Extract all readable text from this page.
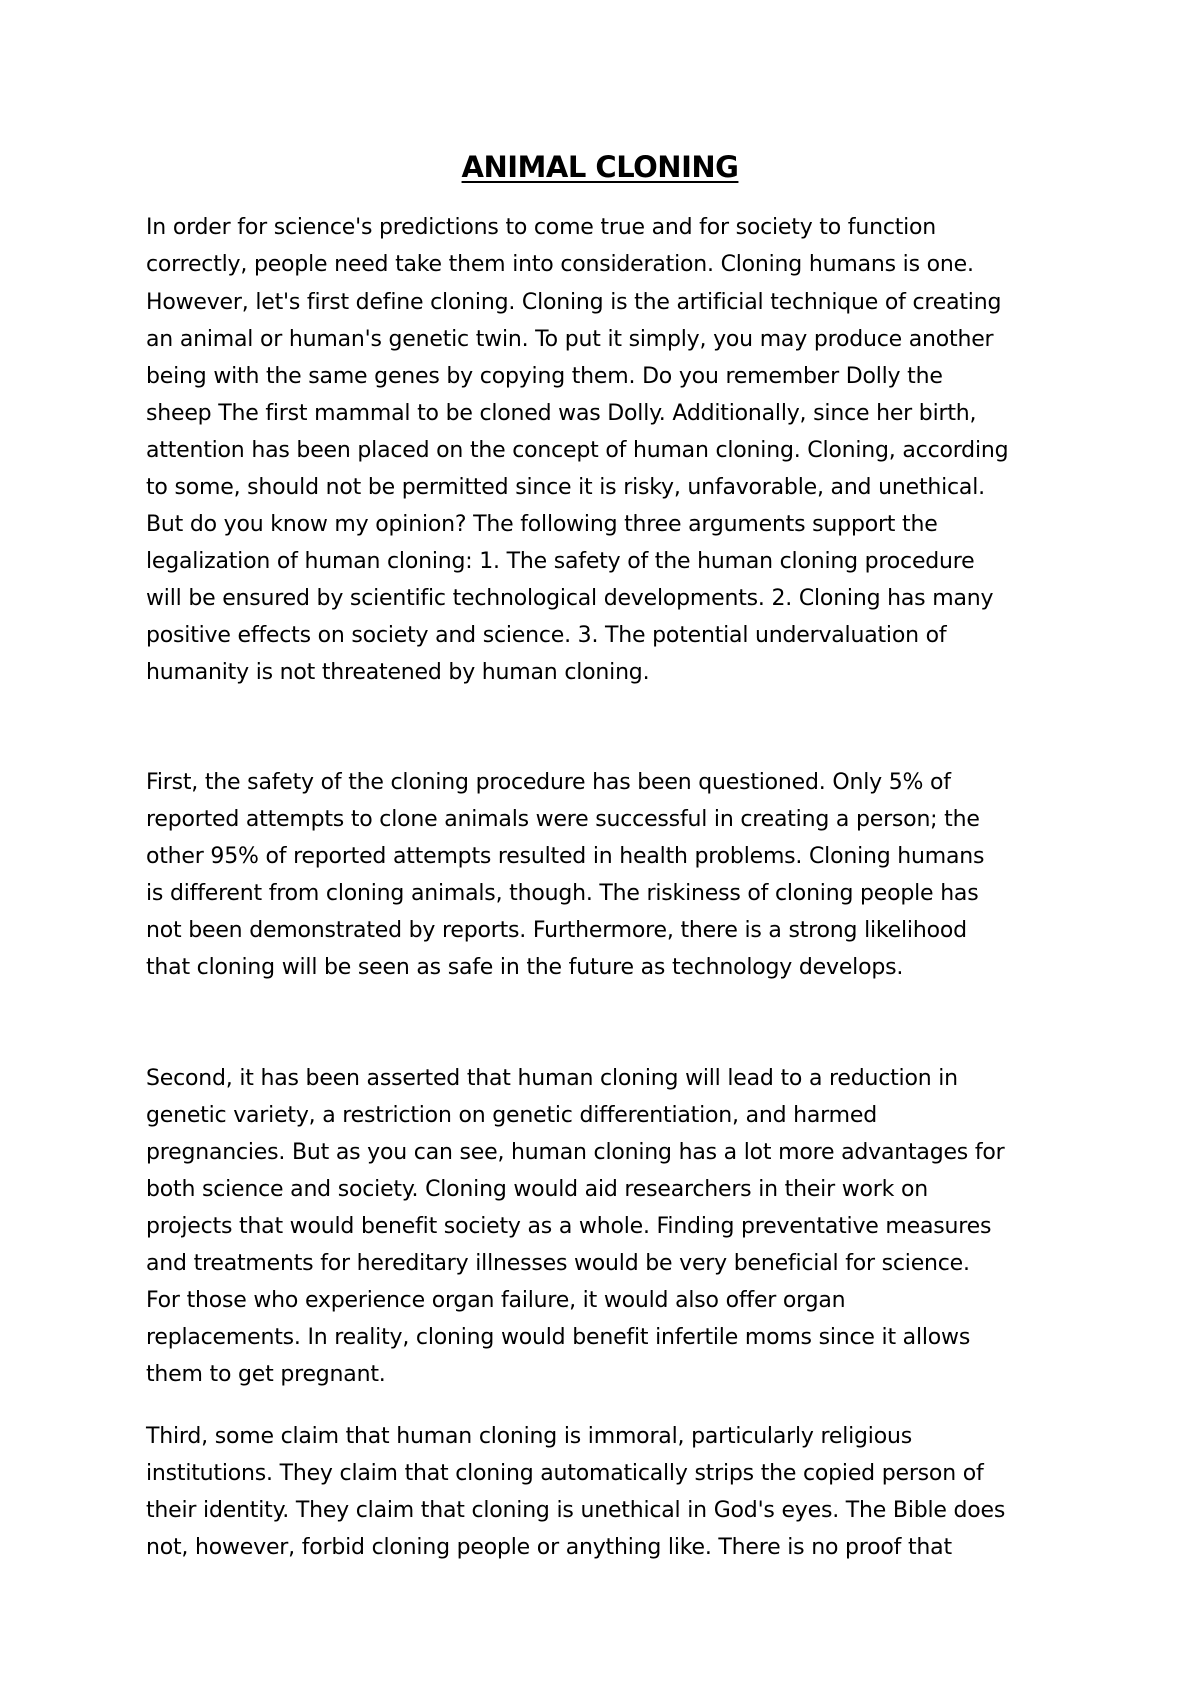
ANIMAL CLONING

In order for science's predictions to come true and for society to function

correctly, people need take them into consideration. Cloning humans is one.

However, let's first define cloning. Cloning is the artificial technique of creating

an animal or human's genetic twin. To put it simply, you may produce another

being with the same genes by copying them. Do you remember Dolly the

sheep The first mammal to be cloned was Dolly. Additionally, since her birth,

attention has been placed on the concept of human cloning. Cloning, according

to some, should not be permitted since it is risky, unfavorable, and unethical.

But do you know my opinion? The following three arguments support the

legalization of human cloning: 1. The safety of the human cloning procedure

will be ensured by scientific technological developments. 2. Cloning has many

positive effects on society and science. 3. The potential undervaluation of

humanity is not threatened by human cloning.

First, the safety of the cloning procedure has been questioned. Only 5% of

reported attempts to clone animals were successful in creating a person; the

other 95% of reported attempts resulted in health problems. Cloning humans

is different from cloning animals, though. The riskiness of cloning people has

not been demonstrated by reports. Furthermore, there is a strong likelihood

that cloning will be seen as safe in the future as technology develops.

Second, it has been asserted that human cloning will lead to a reduction in

genetic variety, a restriction on genetic differentiation, and harmed

pregnancies. But as you can see, human cloning has a lot more advantages for

both science and society. Cloning would aid researchers in their work on

projects that would benefit society as a whole. Finding preventative measures

and treatments for hereditary illnesses would be very beneficial for science.

For those who experience organ failure, it would also offer organ

replacements. In reality, cloning would benefit infertile moms since it allows

them to get pregnant.

Third, some claim that human cloning is immoral, particularly religious

institutions. They claim that cloning automatically strips the copied person of

their identity. They claim that cloning is unethical in God's eyes. The Bible does

not, however, forbid cloning people or anything like. There is no proof that
